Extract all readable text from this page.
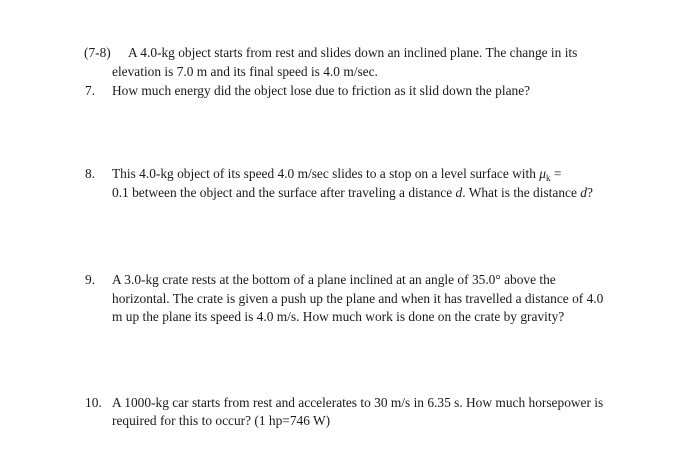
(7-8) A 4.0-kg object starts from rest and slides down an inclined plane. The change in its
elevation is 7.0 m and its final speed is 4.0 m/sec.
7. How much energy did the object lose due to friction as it slid down the plane?
8. This 4.0-kg object of its speed 4.0 m/sec slides to a stop on a level surface with $\mu_k$ =
0.1 between the object and the surface after traveling a distance d. What is the distance d?
9. A 3.0-kg crate rests at the bottom of a plane inclined at an angle of 35.0° above the
horizontal. The crate is given a push up the plane and when it has travelled a distance of 4.0
m up the plane its speed is 4.0 m/s. How much work is done on the crate by gravity?
10. A 1000-kg car starts from rest and accelerates to 30 m/s in 6.35 s. How much horsepower is
required for this to occur? (1 hp=746 W)
